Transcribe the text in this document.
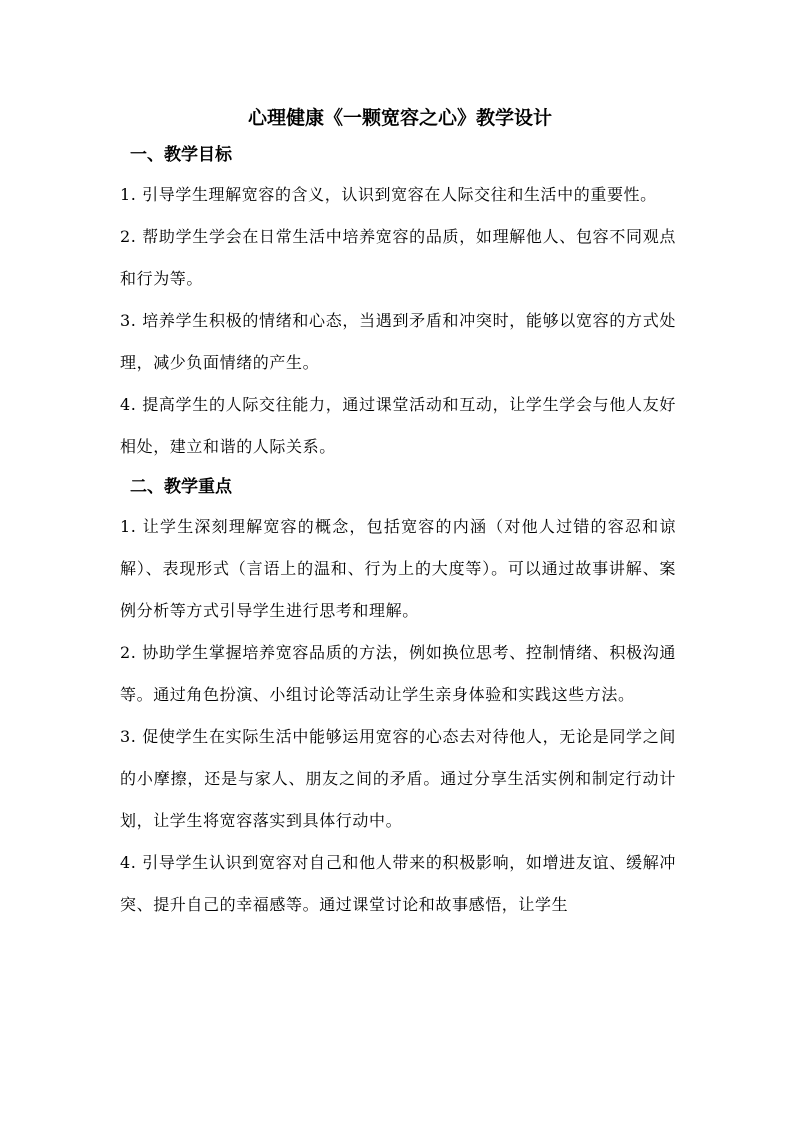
心理健康《一颗宽容之心》教学设计
一、教学目标

1. 引导学生理解宽容的含义，认识到宽容在人际交往和生活中的重要性。

2. 帮助学生学会在日常生活中培养宽容的品质，如理解他人、包容不同观点和行为等。

3. 培养学生积极的情绪和心态，当遇到矛盾和冲突时，能够以宽容的方式处理，减少负面情绪的产生。

4. 提高学生的人际交往能力，通过课堂活动和互动，让学生学会与他人友好相处，建立和谐的人际关系。

二、教学重点

1. 让学生深刻理解宽容的概念，包括宽容的内涵（对他人过错的容忍和谅解）、表现形式（言语上的温和、行为上的大度等）。可以通过故事讲解、案例分析等方式引导学生进行思考和理解。

2. 协助学生掌握培养宽容品质的方法，例如换位思考、控制情绪、积极沟通等。通过角色扮演、小组讨论等活动让学生亲身体验和实践这些方法。

3. 促使学生在实际生活中能够运用宽容的心态去对待他人，无论是同学之间的小摩擦，还是与家人、朋友之间的矛盾。通过分享生活实例和制定行动计划，让学生将宽容落实到具体行动中。

4. 引导学生认识到宽容对自己和他人带来的积极影响，如增进友谊、缓解冲突、提升自己的幸福感等。通过课堂讨论和故事感悟，让学生
